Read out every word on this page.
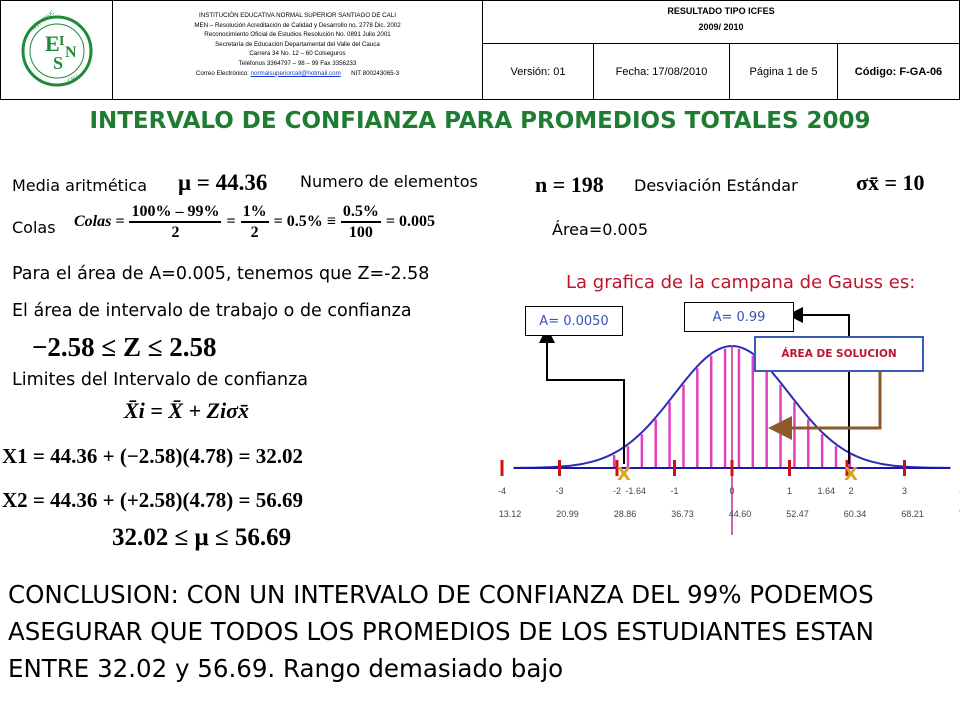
E I
S
N
INST. EDUC.
CALI
INSTITUCIÓN EDUCATIVA NORMAL SUPERIOR SANTIAGO DE CALI
MEN – Resolución Acreditación de Calidad y Desarrollo no. 2778 Dic. 2002
Reconocimiento Oficial de Estudios Resolución No. 0891 Julio 2001
Secretaría de Educación Departamental del Valle del Cauca
Carrera 34 No. 12 – 60 Colseguros
Teléfonos 3364797 – 98 – 99 Fax 3356233
Correo Electrónico: normalsuperiorcali@hotmail.com NIT 800243065-3
RESULTADO TIPO ICFES
2009/ 2010
Versión: 01	Fecha: 17/08/2010	Página 1 de 5	Código: F-GA-06
INTERVALO DE CONFIANZA PARA PROMEDIOS TOTALES 2009
Media aritmética μ = 44.36 Numero de elementos	n = 198 Desviación Estándar	σx̄ = 10
Colas Colas = $\frac{100\% - 99\%}{2} = \frac{1\%}{2} = 0.5\% \equiv \frac{0.5\%}{100} = 0.005$	Área=0.005
Para el área de A=0.005, tenemos que Z=-2.58
El área de intervalo de trabajo o de confianza
−2.58 ≤ Z ≤ 2.58
Limites del Intervalo de confianza
X̄i = X̄ + Ziσx̄
X1 = 44.36 + (−2.58)(4.78) = 32.02
X2 = 44.36 + (+2.58)(4.78) = 56.69
32.02 ≤ μ ≤ 56.69
La grafica de la campana de Gauss es:
-4	-3	-2 -1.64	-1	0	1	1.64 2	3
13.12	20.99	28.86	36.73	44.60	52.47	60.34	68.21
X	X
A= 0.0050	A= 0.99
ÁREA DE SOLUCION
CONCLUSION: CON UN INTERVALO DE CONFIANZA DEL 99% PODEMOS ASEGURAR QUE TODOS LOS PROMEDIOS DE LOS ESTUDIANTES ESTAN ENTRE 32.02 y 56.69. Rango demasiado bajo
